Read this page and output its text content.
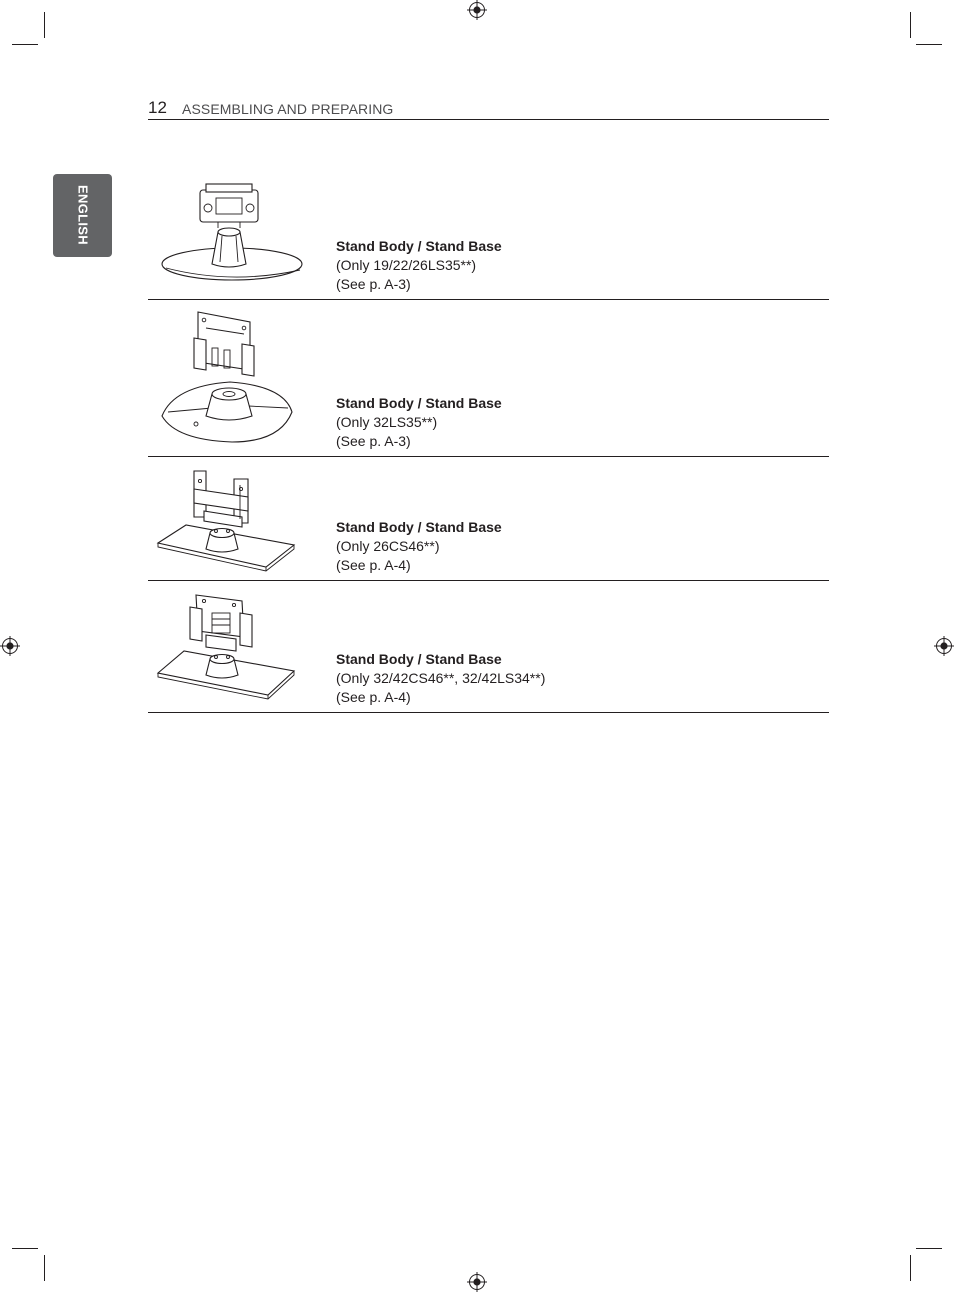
12 ASSEMBLING AND PREPARING
ENGLISH
Stand Body / Stand Base
(Only 19/22/26LS35**)
(See p. A-3)
Stand Body / Stand Base
(Only 32LS35**)
(See p. A-3)
Stand Body / Stand Base
(Only 26CS46**)
(See p. A-4)
Stand Body / Stand Base
(Only 32/42CS46**, 32/42LS34**)
(See p. A-4)
